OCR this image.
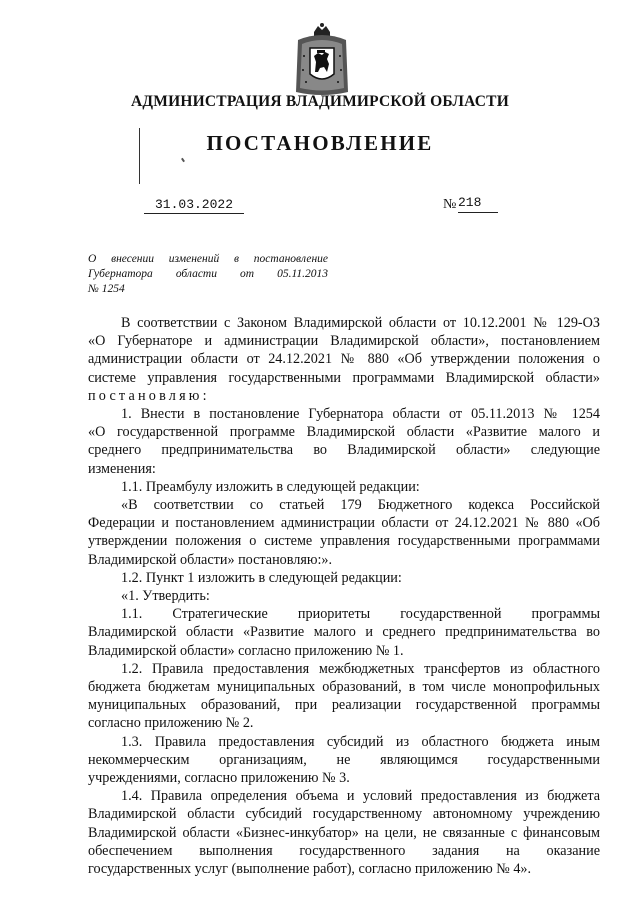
АДМИНИСТРАЦИЯ ВЛАДИМИРСКОЙ ОБЛАСТИ
ПОСТАНОВЛЕНИЕ
31.03.2022	№ 218

О внесении изменений в постановление

Губернатора области от 05.11.2013

№ 1254

В соответствии с Законом Владимирской области от 10.12.2001 № 129-ОЗ
«О Губернаторе и администрации Владимирской области», постановлением
администрации области от 24.12.2021 № 880 «Об утверждении положения о
системе управления государственными программами Владимирской области»
постановляю:
1. Внести в постановление Губернатора области от 05.11.2013 № 1254
«О государственной программе Владимирской области «Развитие малого и
среднего предпринимательства во Владимирской области» следующие
изменения:
1.1. Преамбулу изложить в следующей редакции:
«В соответствии со статьей 179 Бюджетного кодекса Российской
Федерации и постановлением администрации области от 24.12.2021 № 880 «Об
утверждении положения о системе управления государственными программами
Владимирской области» постановляю:».
1.2. Пункт 1 изложить в следующей редакции:
«1. Утвердить:
1.1. Стратегические приоритеты государственной программы
Владимирской области «Развитие малого и среднего предпринимательства во
Владимирской области» согласно приложению № 1.
1.2. Правила предоставления межбюджетных трансфертов из областного
бюджета бюджетам муниципальных образований, в том числе монопрофильных
муниципальных образований, при реализации государственной программы
согласно приложению № 2.
1.3. Правила предоставления субсидий из областного бюджета иным
некоммерческим организациям, не являющимся государственными
учреждениями, согласно приложению № 3.
1.4. Правила определения объема и условий предоставления из бюджета
Владимирской области субсидий государственному автономному учреждению
Владимирской области «Бизнес-инкубатор» на цели, не связанные с финансовым
обеспечением выполнения государственного задания на оказание
государственных услуг (выполнение работ), согласно приложению № 4».
